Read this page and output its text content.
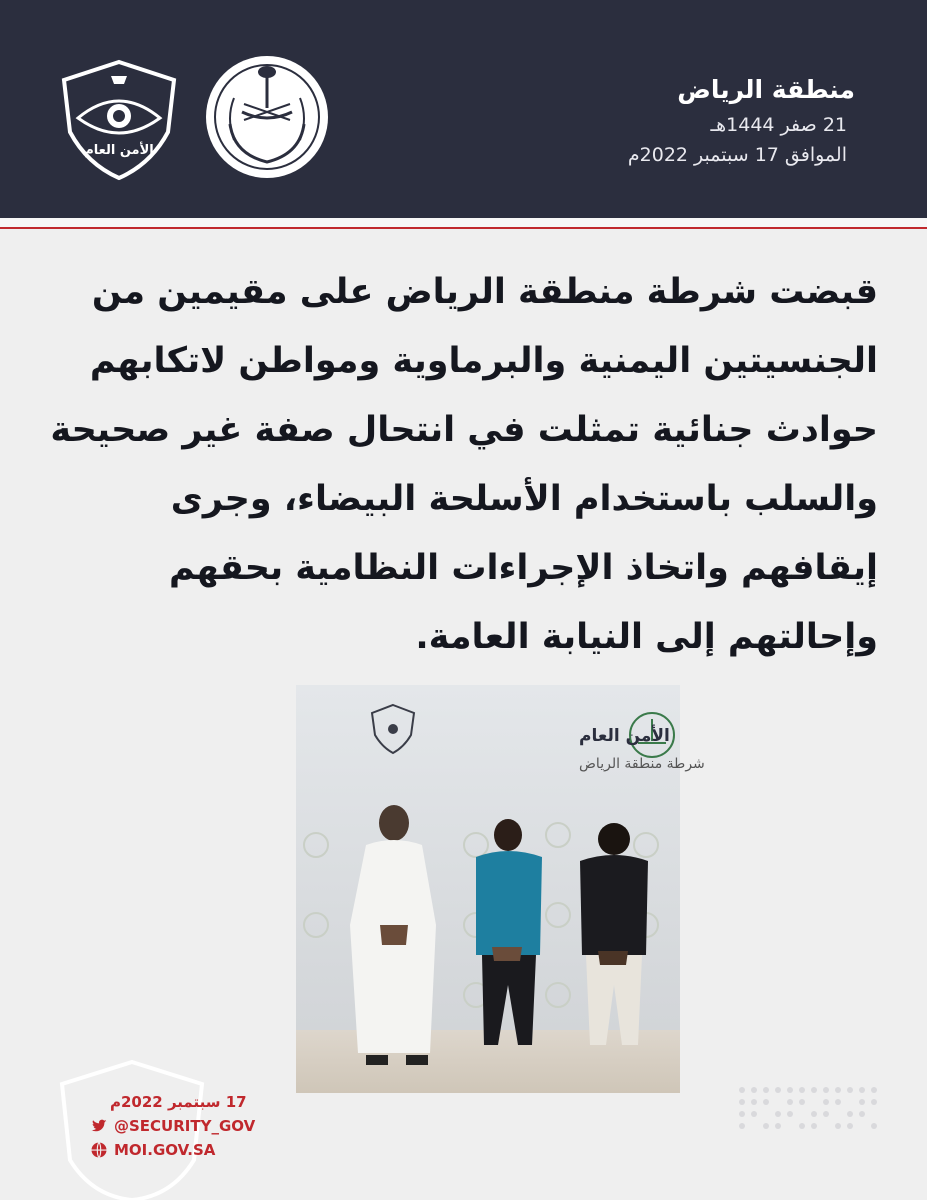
الأمن العام
منطقة الرياض
21 صفر 1444هـ
الموافق 17 سبتمبر 2022م
قبضت شرطة منطقة الرياض على مقيمين من
الجنسيتين اليمنية والبرماوية ومواطن لاتكابهم
حوادث جنائية تمثلت في انتحال صفة غير صحيحة
والسلب باستخدام الأسلحة البيضاء، وجرى
إيقافهم واتخاذ الإجراءات النظامية بحقهم
وإحالتهم إلى النيابة العامة.
الأمن العام
شرطة منطقة الرياض
17 سبتمبر 2022م
@SECURITY_GOV
MOI.GOV.SA
